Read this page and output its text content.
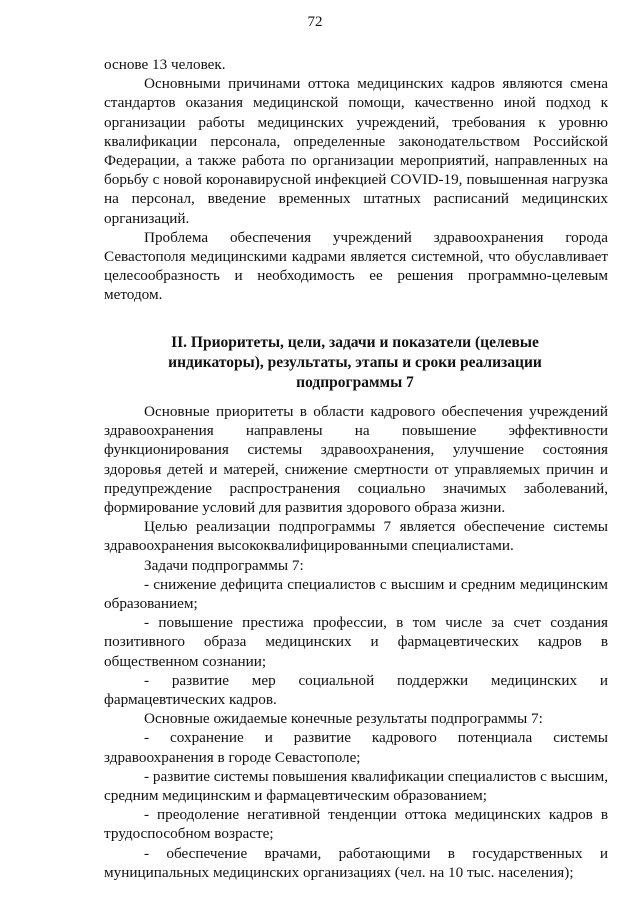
72

основе 13 человек.

Основными причинами оттока медицинских кадров являются смена стандартов оказания медицинской помощи, качественно иной подход к организации работы медицинских учреждений, требования к уровню квалификации персонала, определенные законодательством Российской Федерации, а также работа по организации мероприятий, направленных на борьбу с новой коронавирусной инфекцией COVID-19, повышенная нагрузка на персонал, введение временных штатных расписаний медицинских организаций.

Проблема обеспечения учреждений здравоохранения города Севастополя медицинскими кадрами является системной, что обуславливает целесообразность и необходимость ее решения программно-целевым методом.

II. Приоритеты, цели, задачи и показатели (целевые индикаторы), результаты, этапы и сроки реализации подпрограммы 7

Основные приоритеты в области кадрового обеспечения учреждений здравоохранения направлены на повышение эффективности функционирования системы здравоохранения, улучшение состояния здоровья детей и матерей, снижение смертности от управляемых причин и предупреждение распространения социально значимых заболеваний, формирование условий для развития здорового образа жизни.

Целью реализации подпрограммы 7 является обеспечение системы здравоохранения высококвалифицированными специалистами.

Задачи подпрограммы 7:

- снижение дефицита специалистов с высшим и средним медицинским образованием;

- повышение престижа профессии, в том числе за счет создания позитивного образа медицинских и фармацевтических кадров в общественном сознании;

- развитие мер социальной поддержки медицинских и фармацевтических кадров.

Основные ожидаемые конечные результаты подпрограммы 7:

- сохранение и развитие кадрового потенциала системы здравоохранения в городе Севастополе;

- развитие системы повышения квалификации специалистов с высшим, средним медицинским и фармацевтическим образованием;

- преодоление негативной тенденции оттока медицинских кадров в трудоспособном возрасте;

- обеспечение врачами, работающими в государственных и муниципальных медицинских организациях (чел. на 10 тыс. населения);
